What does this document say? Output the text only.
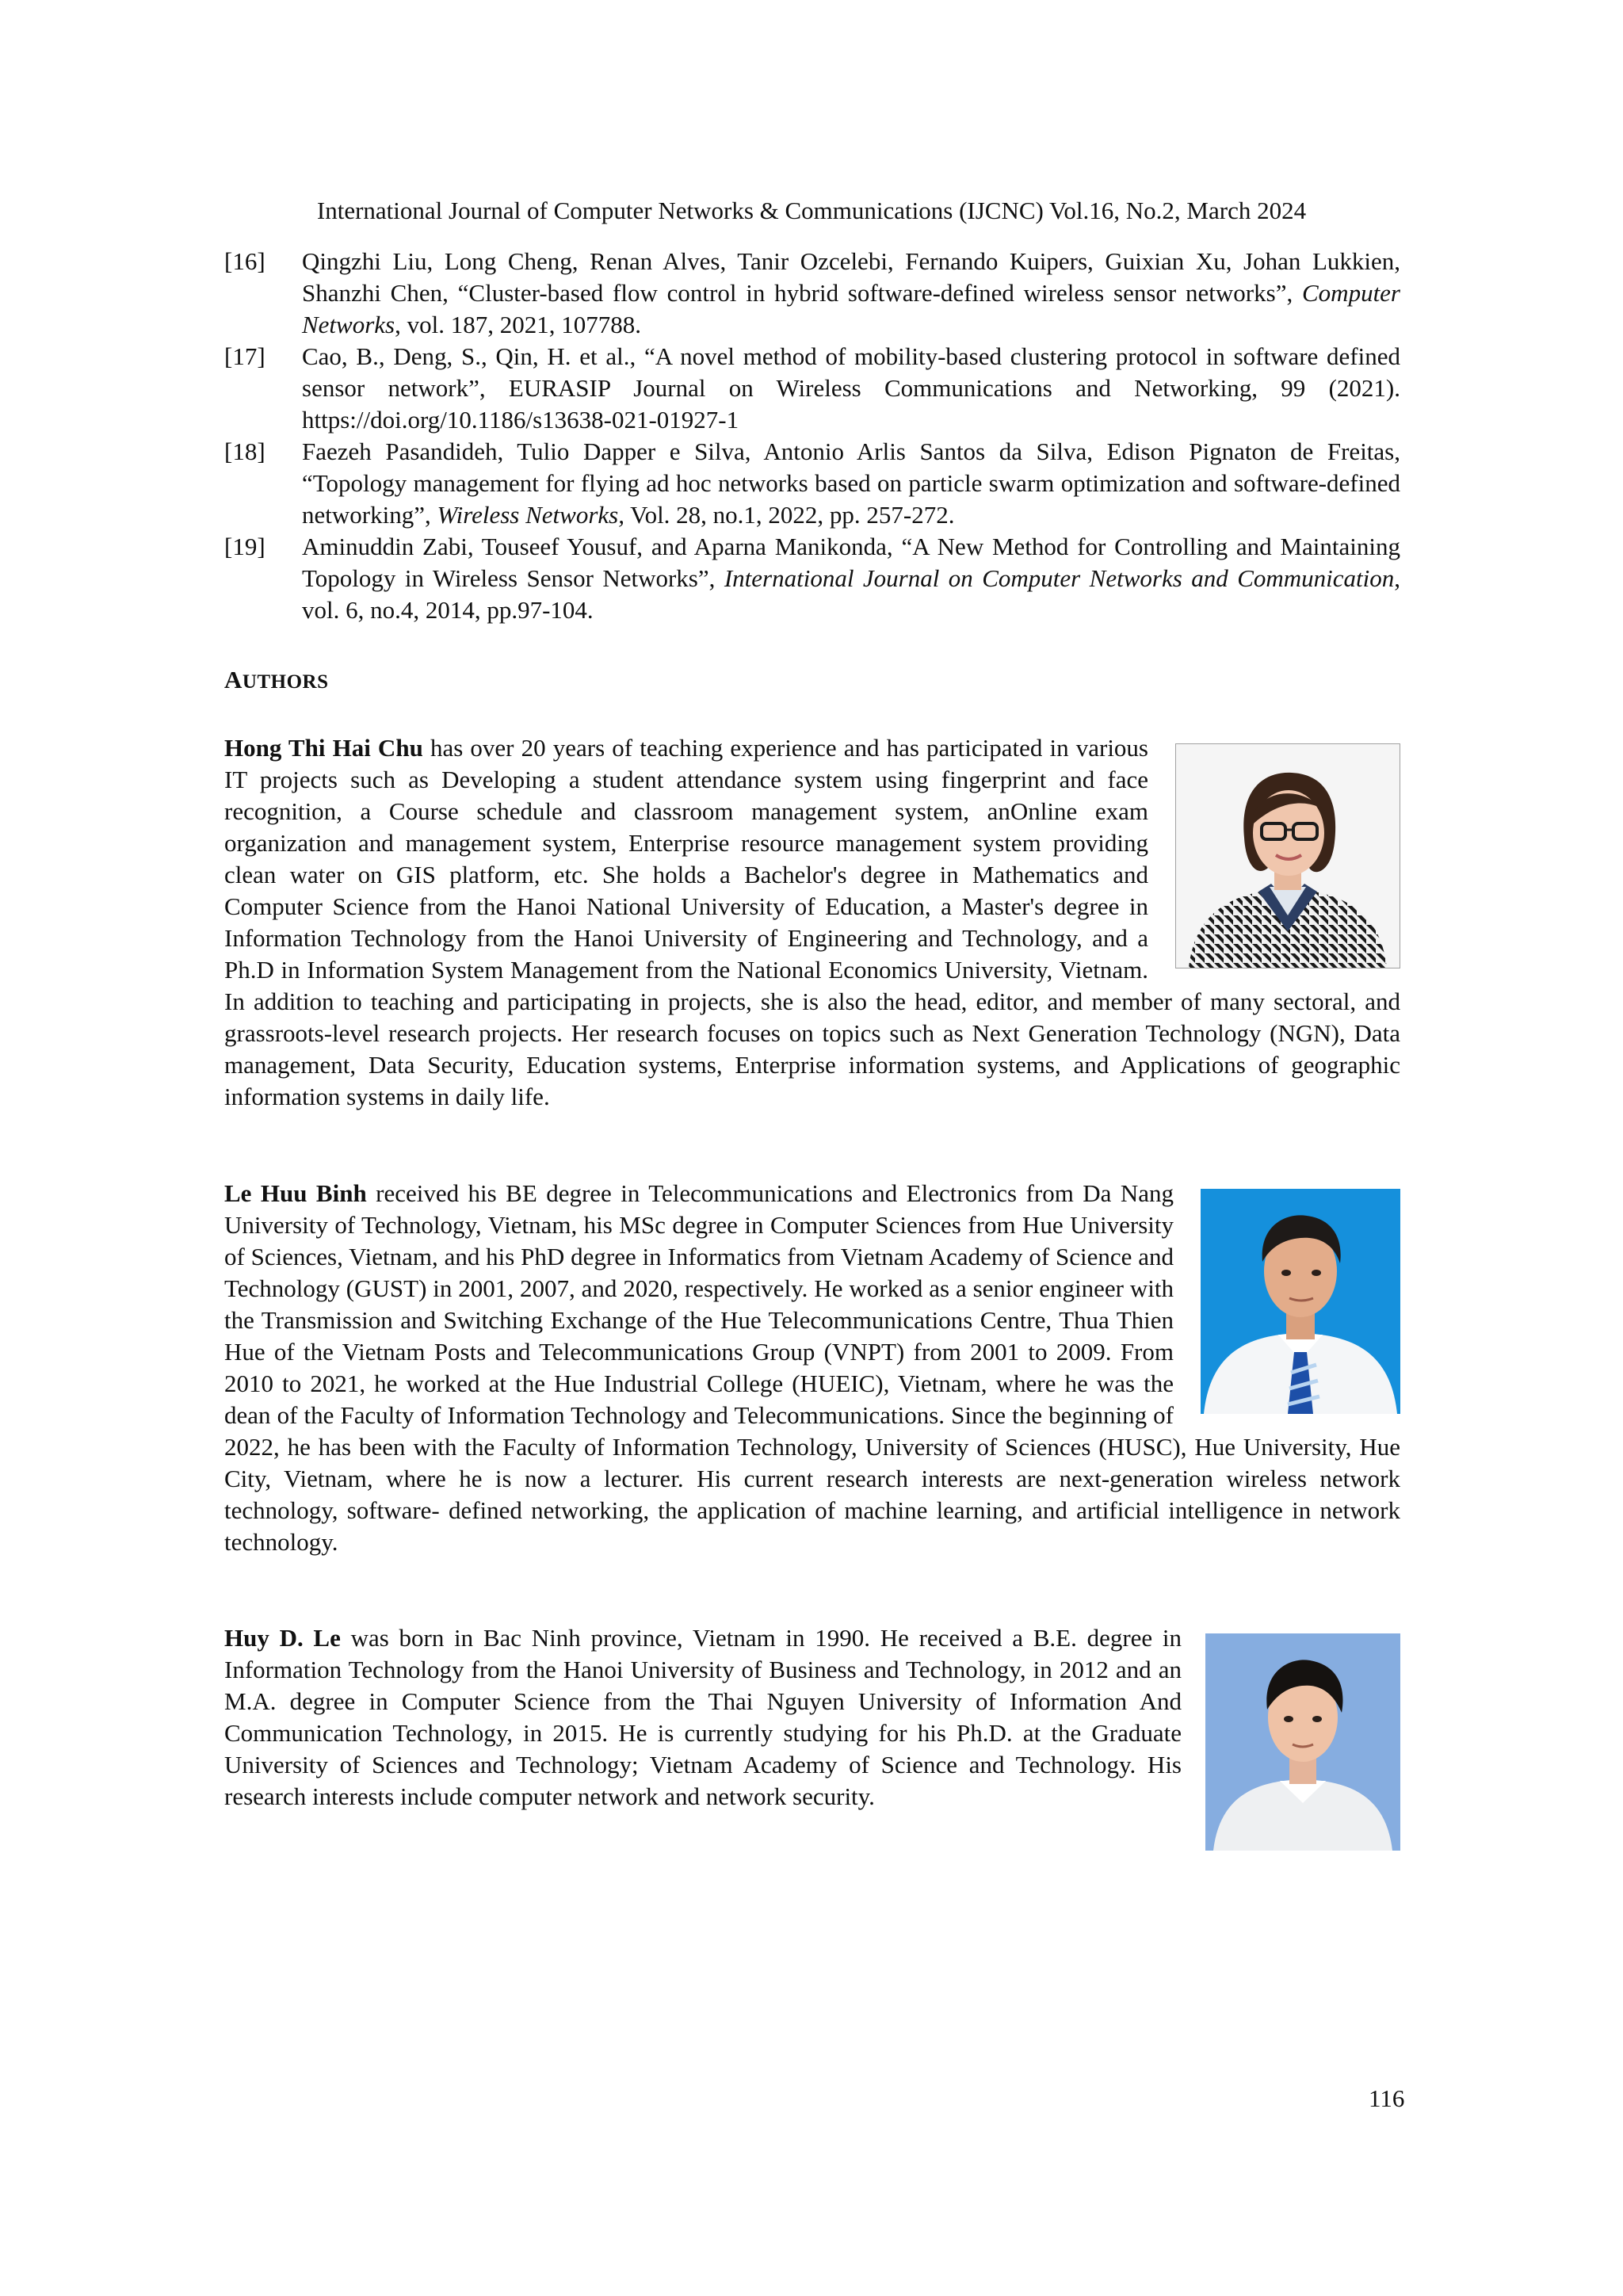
International Journal of Computer Networks & Communications (IJCNC) Vol.16, No.2, March 2024

[16] Qingzhi Liu, Long Cheng, Renan Alves, Tanir Ozcelebi, Fernando Kuipers, Guixian Xu, Johan Lukkien, Shanzhi Chen, “Cluster-based flow control in hybrid software-defined wireless sensor networks”, Computer Networks, vol. 187, 2021, 107788.

[17] Cao, B., Deng, S., Qin, H. et al., “A novel method of mobility-based clustering protocol in software defined sensor network”, EURASIP Journal on Wireless Communications and Networking, 99 (2021). https://doi.org/10.1186/s13638-021-01927-1

[18] Faezeh Pasandideh, Tulio Dapper e Silva, Antonio Arlis Santos da Silva, Edison Pignaton de Freitas, “Topology management for flying ad hoc networks based on particle swarm optimization and software-defined networking”, Wireless Networks, Vol. 28, no.1, 2022, pp. 257-272.

[19] Aminuddin Zabi, Touseef Yousuf, and Aparna Manikonda, “A New Method for Controlling and Maintaining Topology in Wireless Sensor Networks”, International Journal on Computer Networks and Communication, vol. 6, no.4, 2014, pp.97-104.

AUTHORS

Hong Thi Hai Chu has over 20 years of teaching experience and has participated in various IT projects such as Developing a student attendance system using fingerprint and face recognition, a Course schedule and classroom management system, anOnline exam organization and management system, Enterprise resource management system providing clean water on GIS platform, etc. She holds a Bachelor's degree in Mathematics and Computer Science from the Hanoi National University of Education, a Master's degree in Information Technology from the Hanoi University of Engineering and Technology, and a Ph.D in Information System Management from the National Economics University, Vietnam. In addition to teaching and participating in projects, she is also the head, editor, and member of many sectoral, and grassroots-level research projects. Her research focuses on topics such as Next Generation Technology (NGN), Data management, Data Security, Education systems, Enterprise information systems, and Applications of geographic information systems in daily life.

Le Huu Binh received his BE degree in Telecommunications and Electronics from Da Nang University of Technology, Vietnam, his MSc degree in Computer Sciences from Hue University of Sciences, Vietnam, and his PhD degree in Informatics from Vietnam Academy of Science and Technology (GUST) in 2001, 2007, and 2020, respectively. He worked as a senior engineer with the Transmission and Switching Exchange of the Hue Telecommunications Centre, Thua Thien Hue of the Vietnam Posts and Telecommunications Group (VNPT) from 2001 to 2009. From 2010 to 2021, he worked at the Hue Industrial College (HUEIC), Vietnam, where he was the dean of the Faculty of Information Technology and Telecommunications. Since the beginning of 2022, he has been with the Faculty of Information Technology, University of Sciences (HUSC), Hue University, Hue City, Vietnam, where he is now a lecturer. His current research interests are next-generation wireless network technology, software- defined networking, the application of machine learning, and artificial intelligence in network technology.

Huy D. Le was born in Bac Ninh province, Vietnam in 1990. He received a B.E. degree in Information Technology from the Hanoi University of Business and Technology, in 2012 and an M.A. degree in Computer Science from the Thai Nguyen University of Information And Communication Technology, in 2015. He is currently studying for his Ph.D. at the Graduate University of Sciences and Technology; Vietnam Academy of Science and Technology. His research interests include computer network and network security.

116
